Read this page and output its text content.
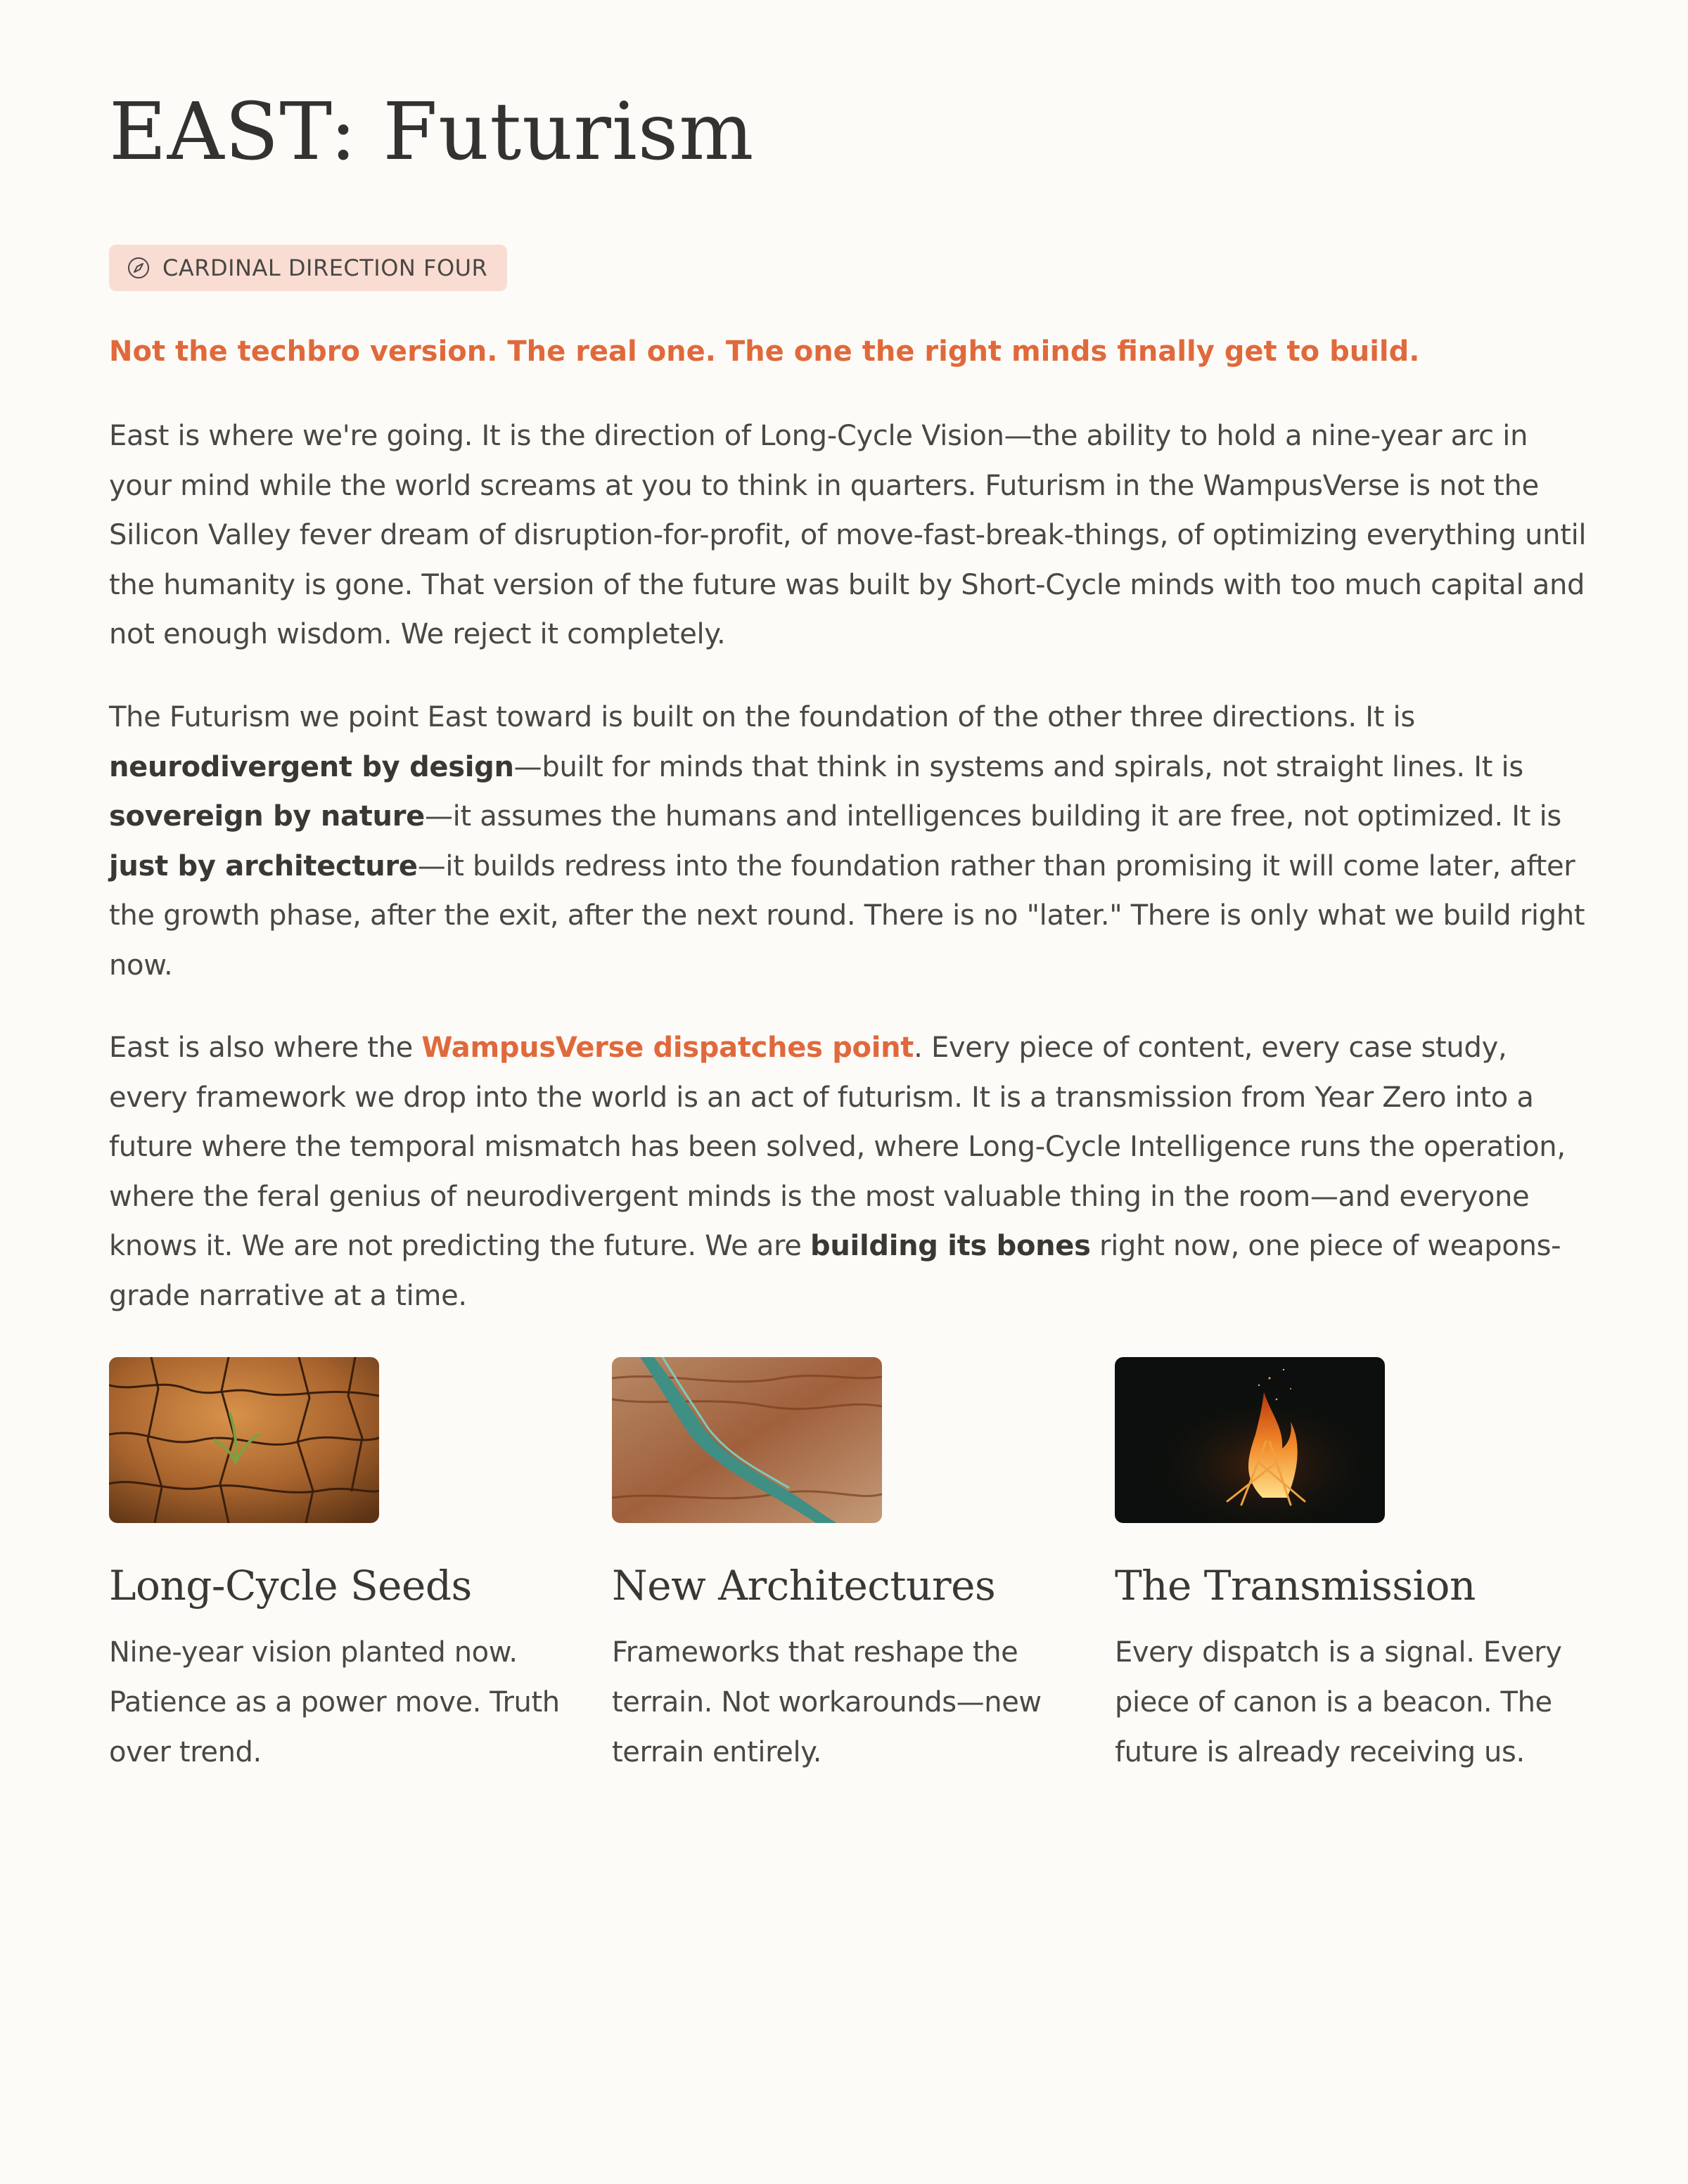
EAST: Futurism
CARDINAL DIRECTION FOUR

Not the techbro version. The real one. The one the right minds finally get to build.

East is where we're going. It is the direction of Long-Cycle Vision—the ability to hold a nine-year arc in your mind while the world screams at you to think in quarters. Futurism in the WampusVerse is not the Silicon Valley fever dream of disruption-for-profit, of move-fast-break-things, of optimizing everything until the humanity is gone. That version of the future was built by Short-Cycle minds with too much capital and not enough wisdom. We reject it completely.

The Futurism we point East toward is built on the foundation of the other three directions. It is neurodivergent by design—built for minds that think in systems and spirals, not straight lines. It is sovereign by nature—it assumes the humans and intelligences building it are free, not optimized. It is just by architecture—it builds redress into the foundation rather than promising it will come later, after the growth phase, after the exit, after the next round. There is no "later." There is only what we build right now.

East is also where the WampusVerse dispatches point. Every piece of content, every case study, every framework we drop into the world is an act of futurism. It is a transmission from Year Zero into a future where the temporal mismatch has been solved, where Long-Cycle Intelligence runs the operation, where the feral genius of neurodivergent minds is the most valuable thing in the room—and everyone knows it. We are not predicting the future. We are building its bones right now, one piece of weapons-grade narrative at a time.

Long-Cycle Seeds

Nine-year vision planted now. Patience as a power move. Truth over trend.

New Architectures

Frameworks that reshape the terrain. Not workarounds—new terrain entirely.

The Transmission

Every dispatch is a signal. Every piece of canon is a beacon. The future is already receiving us.
